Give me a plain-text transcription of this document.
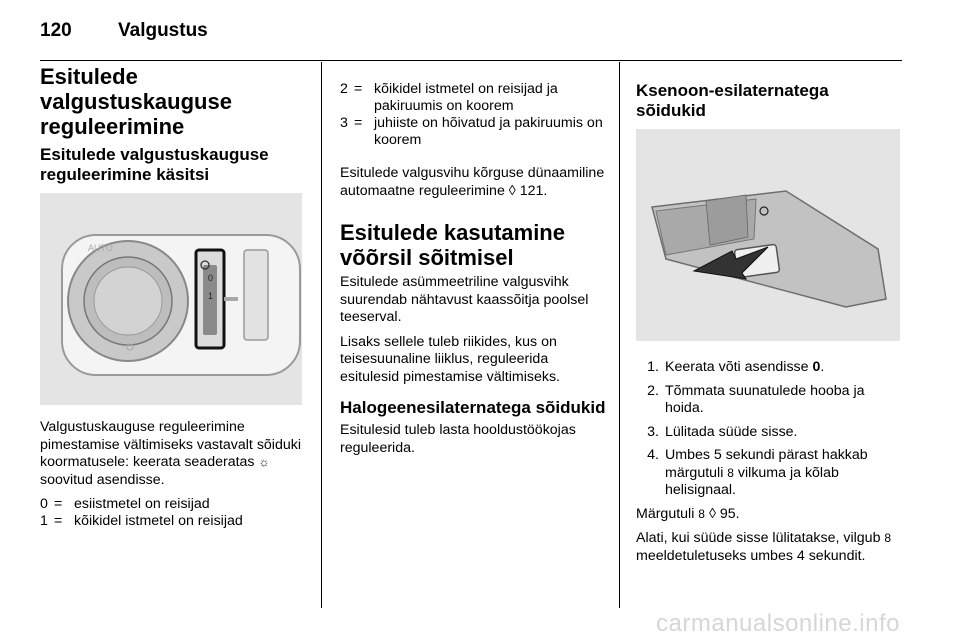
120 Valgustus
Esitulede valgustuskauguse reguleerimine
Esitulede valgustuskauguse reguleerimine käsitsi
AUTO
0
1

Valgustuskauguse reguleerimine pimestamise vältimiseks vastavalt sõiduki koormatusele: keerata seaderatas ☼ soovitud asendisse.

0 = esiistmetel on reisijad
1 = kõikidel istmetel on reisijad
2 = kõikidel istmetel on reisijad ja pakiruumis on koorem
3 = juhiiste on hõivatud ja pakiruumis on koorem

Esitulede valgusvihu kõrguse dünaamiline automaatne reguleerimine ◊ 121.

Esitulede kasutamine võõrsil sõitmisel

Esitulede asümmeetriline valgusvihk suurendab nähtavust kaassõitja poolsel teeserval.

Lisaks sellele tuleb riikides, kus on teisesuunaline liiklus, reguleerida esitulesid pimestamise vältimiseks.

Halogeenesilaternatega sõidukid

Esitulesid tuleb lasta hooldustöökojas reguleerida.

Ksenoon-esilaternatega sõidukid
1. Keerata võti asendisse 0.
2. Tõmmata suunatulede hooba ja hoida.
3. Lülitada süüde sisse.
4. Umbes 5 sekundi pärast hakkab märgutuli 8 vilkuma ja kõlab helisignaal.

Märgutuli 8 ◊ 95.

Alati, kui süüde sisse lülitatakse, vilgub 8 meeldetuletuseks umbes 4 sekundit.

carmanualsonline.info
